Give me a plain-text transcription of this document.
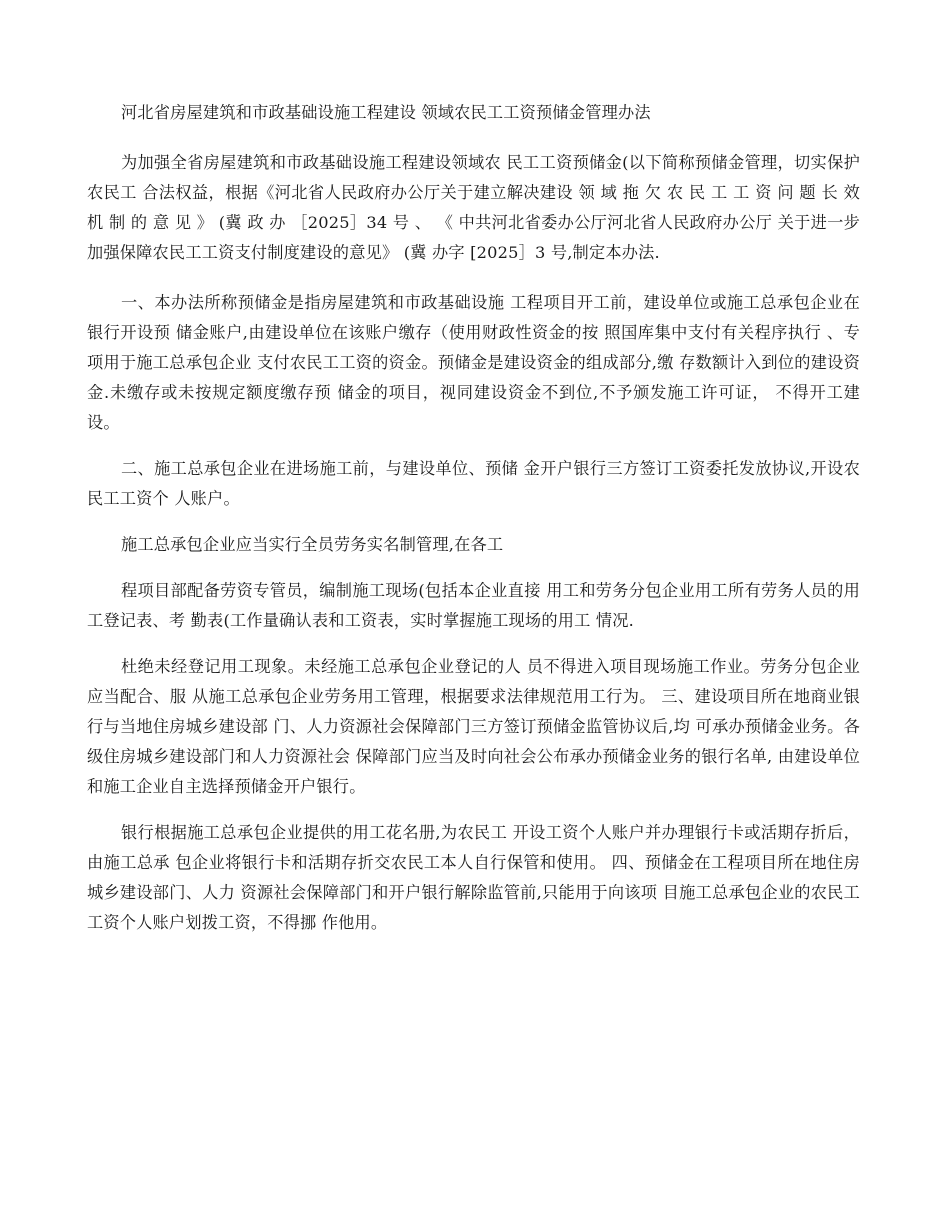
河北省房屋建筑和市政基础设施工程建设 领域农民工工资预储金管理办法

为加强全省房屋建筑和市政基础设施工程建设领域农 民工工资预储金(以下简称预储金管理，切实保护农民工 合法权益，根据《河北省人民政府办公厅关于建立解决建设 领 域 拖 欠 农 民 工 工 资 问 题 长 效 机 制 的 意 见 》 (冀 政 办 ［2025］34 号 、 《 中共河北省委办公厅河北省人民政府办公厅 关于进一步加强保障农民工工资支付制度建设的意见》 (冀 办字 [2025］3 号,制定本办法.

一、本办法所称预储金是指房屋建筑和市政基础设施 工程项目开工前，建设单位或施工总承包企业在银行开设预 储金账户,由建设单位在该账户缴存（使用财政性资金的按 照国库集中支付有关程序执行 、专项用于施工总承包企业 支付农民工工资的资金。预储金是建设资金的组成部分,缴 存数额计入到位的建设资金.未缴存或未按规定额度缴存预 储金的项目，视同建设资金不到位,不予颁发施工许可证， 不得开工建设。

二、施工总承包企业在进场施工前，与建设单位、预储 金开户银行三方签订工资委托发放协议,开设农民工工资个 人账户。

施工总承包企业应当实行全员劳务实名制管理,在各工

程项目部配备劳资专管员，编制施工现场(包括本企业直接 用工和劳务分包企业用工所有劳务人员的用工登记表、考 勤表(工作量确认表和工资表，实时掌握施工现场的用工 情况.

杜绝未经登记用工现象。未经施工总承包企业登记的人 员不得进入项目现场施工作业。劳务分包企业应当配合、服 从施工总承包企业劳务用工管理，根据要求法律规范用工行为。 三、建设项目所在地商业银行与当地住房城乡建设部 门、人力资源社会保障部门三方签订预储金监管协议后,均 可承办预储金业务。各级住房城乡建设部门和人力资源社会 保障部门应当及时向社会公布承办预储金业务的银行名单, 由建设单位和施工企业自主选择预储金开户银行。

银行根据施工总承包企业提供的用工花名册,为农民工 开设工资个人账户并办理银行卡或活期存折后，由施工总承 包企业将银行卡和活期存折交农民工本人自行保管和使用。 四、预储金在工程项目所在地住房城乡建设部门、人力 资源社会保障部门和开户银行解除监管前,只能用于向该项 目施工总承包企业的农民工工资个人账户划拨工资，不得挪 作他用。
